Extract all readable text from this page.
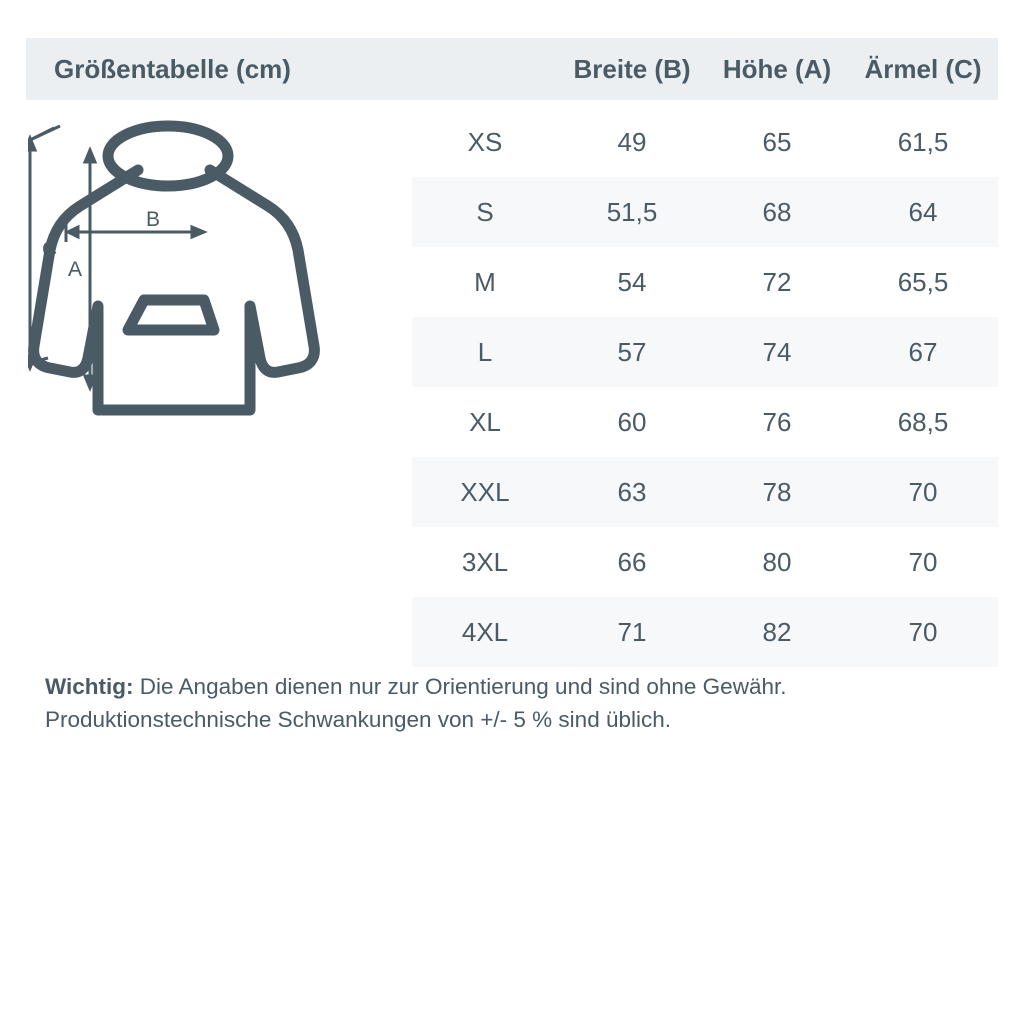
Größentabelle (cm)	Breite (B)	Höhe (A)	Ärmel (C)
XS	49	65	61,5
S	51,5	68	64
M	54	72	65,5
L	57	74	67
XL	60	76	68,5
XXL	63	78	70
3XL	66	80	70
4XL	71	82	70
Wichtig: Die Angaben dienen nur zur Orientierung und sind ohne Gewähr.
Produktionstechnische Schwankungen von +/- 5 % sind üblich.
B
A
C
